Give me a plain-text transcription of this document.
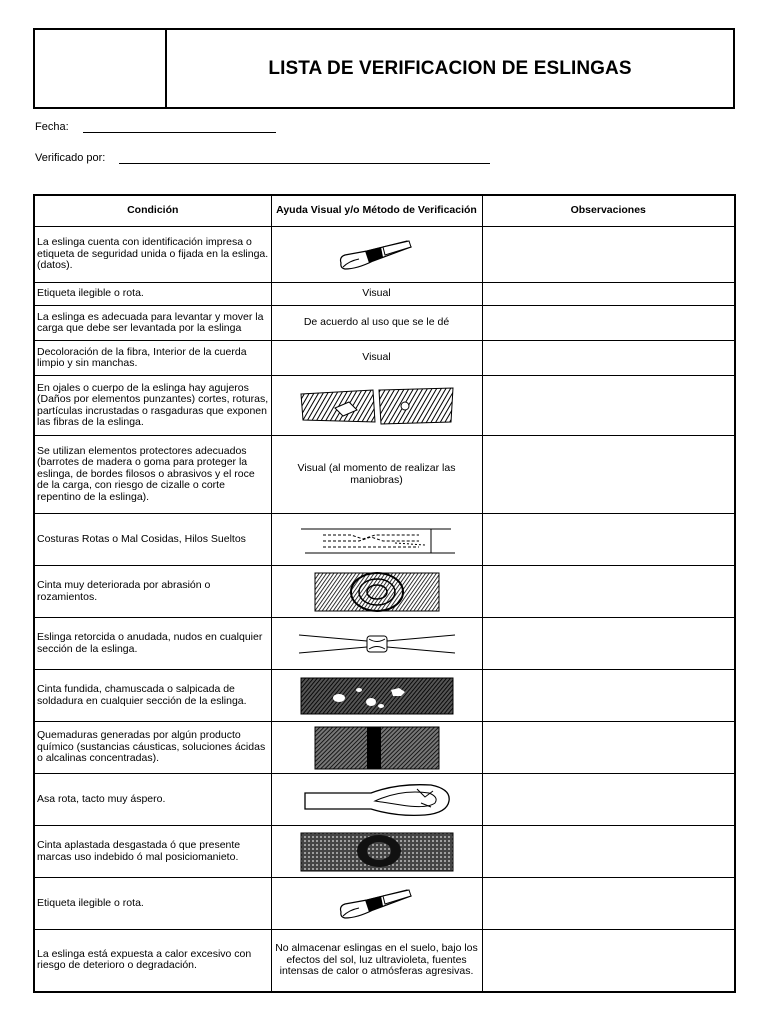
LISTA DE VERIFICACION DE ESLINGAS
Fecha:
Verificado por:
Condición	Ayuda Visual y/o Método de Verificación	Observaciones
La eslinga cuenta con identificación impresa o etiqueta de seguridad unida o fijada en la eslinga. (datos).	

Etiqueta ilegible o rota.	Visual	
La eslinga es adecuada para levantar y mover la carga que debe ser levantada por la eslinga	De acuerdo al uso que se le dé	
Decoloración de la fibra, Interior de la cuerda limpio y sin manchas.	Visual	
En ojales o cuerpo de la eslinga hay agujeros (Daños por elementos punzantes) cortes, roturas, partículas incrustadas o rasgaduras que exponen las fibras de la eslinga.	

Se utilizan elementos protectores adecuados (barrotes de madera o goma para proteger la eslinga, de bordes filosos o abrasivos y el roce de la carga, con riesgo de cizalle o corte repentino de la eslinga).	Visual (al momento de realizar las maniobras)	
Costuras Rotas o Mal Cosidas, Hilos Sueltos	

Cinta muy deteriorada por abrasión o rozamientos.	

Eslinga retorcida o anudada, nudos en cualquier sección de la eslinga.	

Cinta fundida, chamuscada o salpicada de soldadura en cualquier sección de la eslinga.	

Quemaduras generadas por algún producto químico (sustancias cáusticas, soluciones ácidas o alcalinas concentradas).	

Asa rota, tacto muy áspero.	

Cinta aplastada desgastada ó que presente marcas uso indebido ó mal posiciomanieto.	

Etiqueta ilegible o rota.	

La eslinga está expuesta a calor excesivo con riesgo de deterioro o degradación.	No almacenar eslingas en el suelo, bajo los efectos del sol, luz ultravioleta, fuentes intensas de calor o atmósferas agresivas.	
